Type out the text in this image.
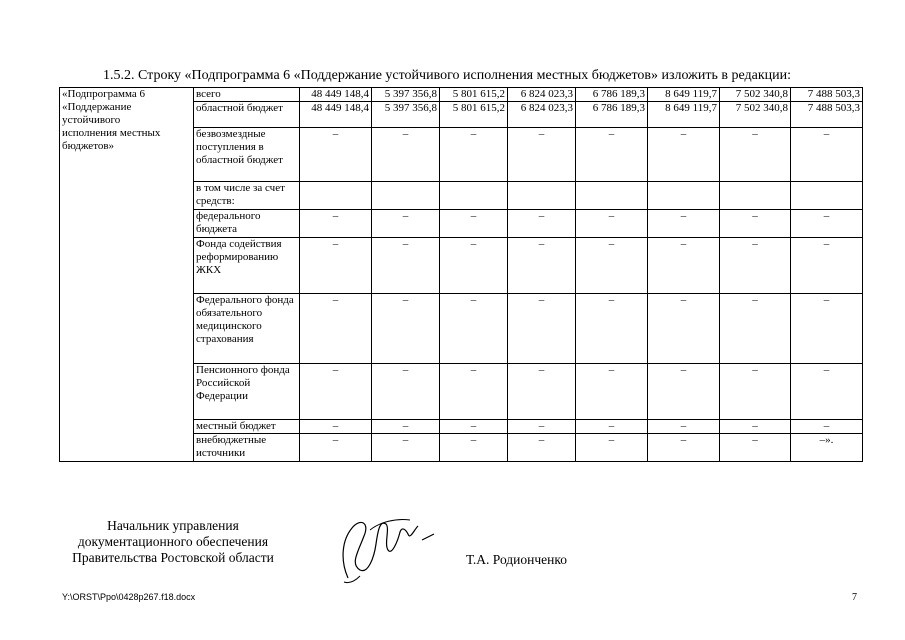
1.5.2. Строку «Подпрограмма 6 «Поддержание устойчивого исполнения местных бюджетов» изложить в редакции:
«Подпрограмма 6
«Поддержание
устойчивого
исполнения местных
бюджетов»	всего	48 449 148,4	5 397 356,8	5 801 615,2	6 824 023,3	6 786 189,3	8 649 119,7	7 502 340,8	7 488 503,3
	областной бюджет	48 449 148,4	5 397 356,8	5 801 615,2	6 824 023,3	6 786 189,3	8 649 119,7	7 502 340,8	7 488 503,3
	безвозмездные поступления в областной бюджет	–	–	–	–	–	–	–	–
	в том числе за счет средств:								
	федерального бюджета	–	–	–	–	–	–	–	–
	Фонда содействия реформированию ЖКХ	–	–	–	–	–	–	–	–
	Федерального фонда обязательного медицинского страхования	–	–	–	–	–	–	–	–
	Пенсионного фонда Российской Федерации	–	–	–	–	–	–	–	–
	местный бюджет	–	–	–	–	–	–	–	–
	внебюджетные источники	–	–	–	–	–	–	–	–».
Начальник управления
документационного обеспечения
Правительства Ростовской области	Т.А. Родионченко
Y:\ORST\Ppo\0428p267.f18.docx	7
